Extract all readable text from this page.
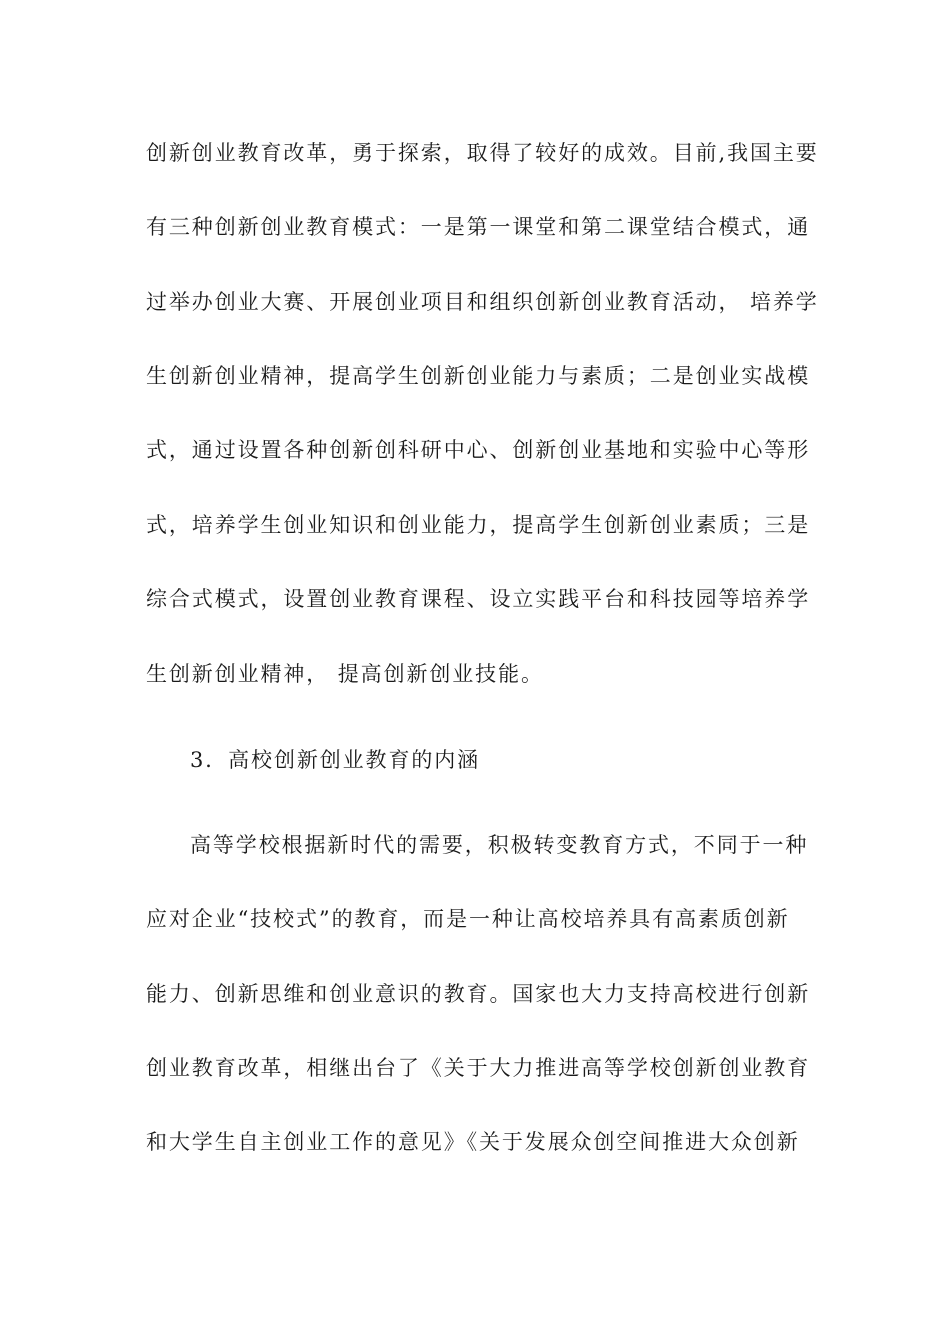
创新创业教育改革，勇于探索，取得了较好的成效。目前,我国主要
有三种创新创业教育模式：一是第一课堂和第二课堂结合模式，通
过举办创业大赛、开展创业项目和组织创新创业教育活动， 培养学
生创新创业精神，提高学生创新创业能力与素质；二是创业实战模
式，通过设置各种创新创科研中心、创新创业基地和实验中心等形
式，培养学生创业知识和创业能力，提高学生创新创业素质；三是
综合式模式，设置创业教育课程、设立实践平台和科技园等培养学
生创新创业精神， 提高创新创业技能。
3．高校创新创业教育的内涵
高等学校根据新时代的需要，积极转变教育方式，不同于一种
应对企业“技校式”的教育，而是一种让高校培养具有高素质创新
能力、创新思维和创业意识的教育。国家也大力支持高校进行创新
创业教育改革，相继出台了《关于大力推进高等学校创新创业教育
和大学生自主创业工作的意见》《关于发展众创空间推进大众创新
